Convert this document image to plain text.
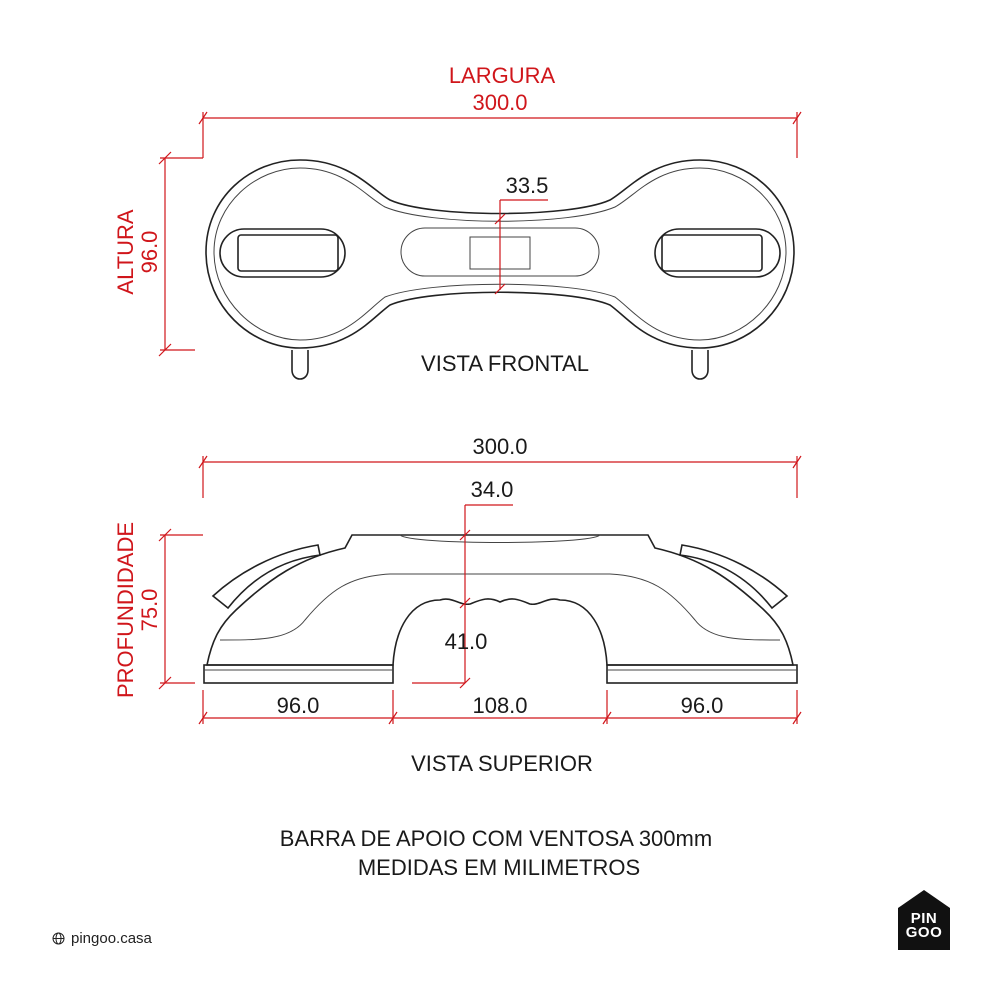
LARGURA
300.0
ALTURA 96.0
33.5
VISTA FRONTAL
300.0
PROFUNDIDADE 75.0
34.0
41.0
96.0	108.0	96.0
VISTA SUPERIOR
BARRA DE APOIO COM VENTOSA 300mm
MEDIDAS EM MILIMETROS
pingoo.casa
PIN
GOO
